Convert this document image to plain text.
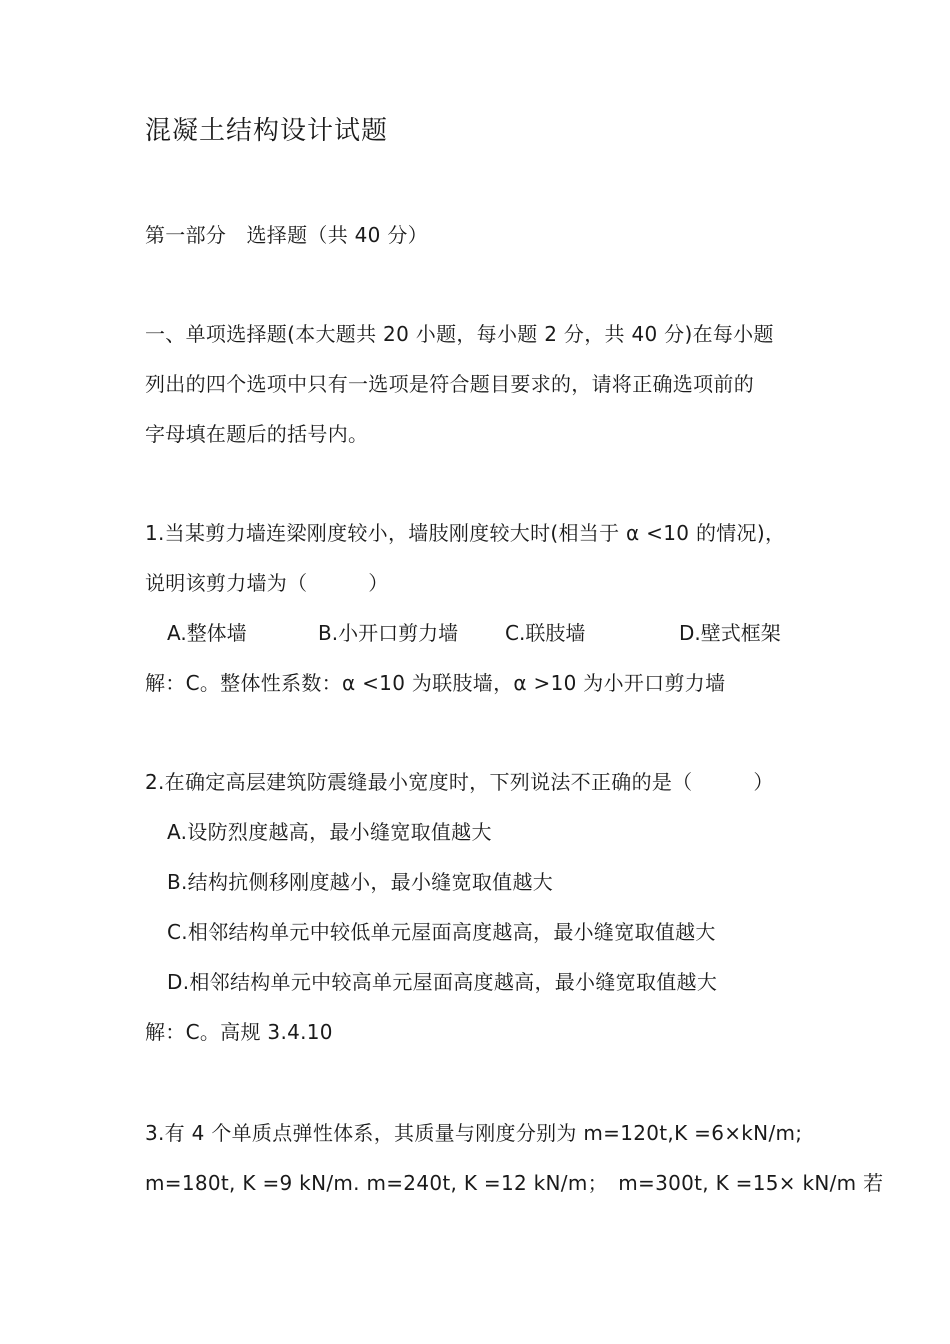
混凝土结构设计试题
第一部分　选择题（共 40 分）
一、单项选择题(本大题共 20 小题，每小题 2 分，共 40 分)在每小题
列出的四个选项中只有一选项是符合题目要求的，请将正确选项前的
字母填在题后的括号内。
1.当某剪力墙连梁刚度较小，墙肢刚度较大时(相当于 α <10 的情况)，
说明该剪力墙为（　　　）
A.整体墙	B.小开口剪力墙 C.联肢墙	D.壁式框架
解：C。整体性系数：α <10 为联肢墙，α >10 为小开口剪力墙
2.在确定高层建筑防震缝最小宽度时，下列说法不正确的是（　　　）
A.设防烈度越高，最小缝宽取值越大
B.结构抗侧移刚度越小，最小缝宽取值越大
C.相邻结构单元中较低单元屋面高度越高，最小缝宽取值越大
D.相邻结构单元中较高单元屋面高度越高，最小缝宽取值越大
解：C。高规 3.4.10
3.有 4 个单质点弹性体系，其质量与刚度分别为 m=120t,K =6×kN/m;
m=180t, K =9 kN/m. m=240t, K =12 kN/m；　m=300t, K =15× kN/m 若
